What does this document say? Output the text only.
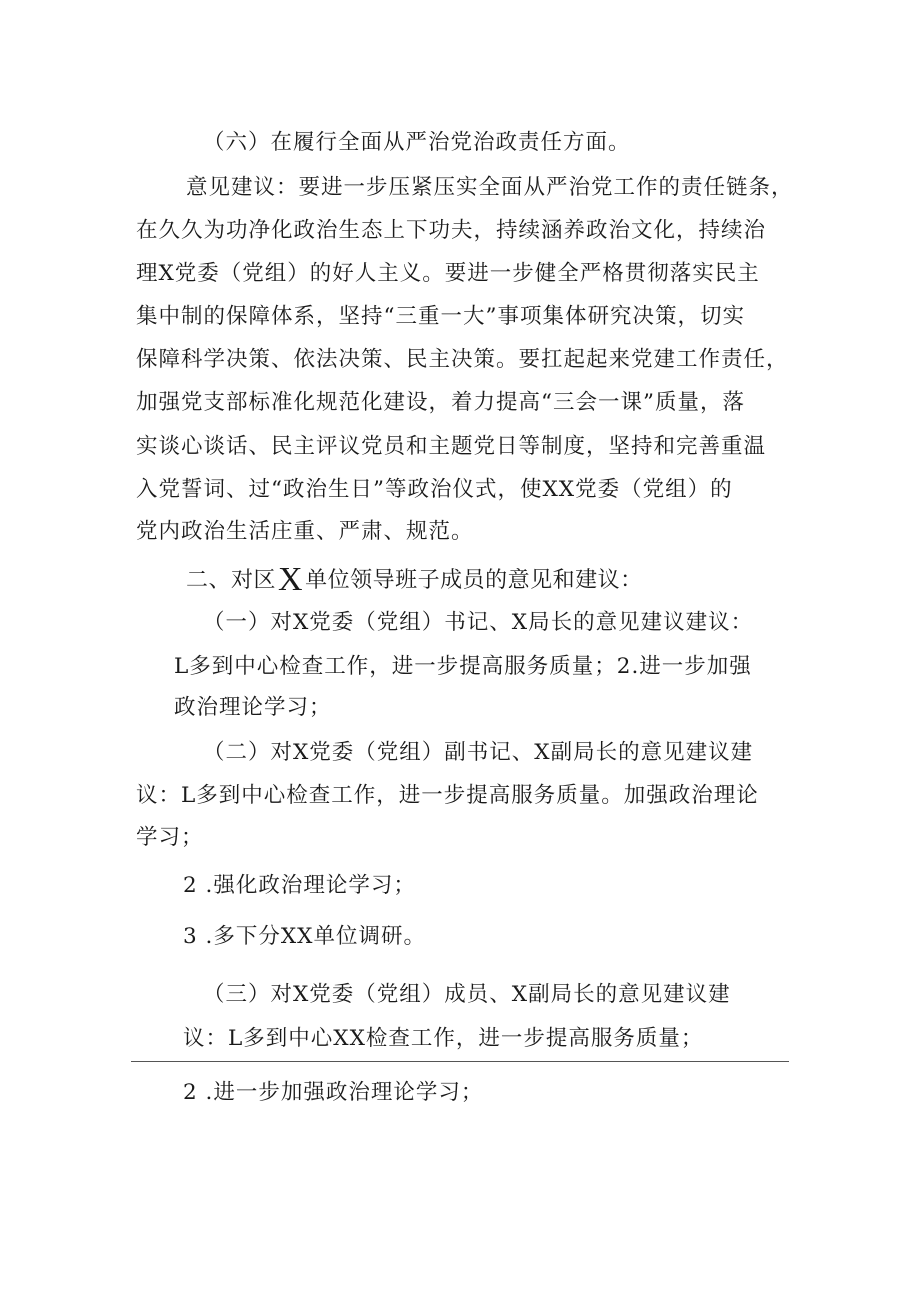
（六）在履行全面从严治党治政责任方面。
意见建议：要进一步压紧压实全面从严治党工作的责任链条，
在久久为功净化政治生态上下功夫，持续涵养政治文化，持续治
理X党委（党组）的好人主义。要进一步健全严格贯彻落实民主
集中制的保障体系，坚持“三重一大”事项集体研究决策，切实
保障科学决策、依法决策、民主决策。要扛起起来党建工作责任，
加强党支部标准化规范化建设，着力提高“三会一课”质量，落
实谈心谈话、民主评议党员和主题党日等制度，坚持和完善重温
入党誓词、过“政治生日”等政治仪式，使XX党委（党组）的
党内政治生活庄重、严肃、规范。
二、对区X单位领导班子成员的意见和建议：
（一）对X党委（党组）书记、X局长的意见建议建议：
L多到中心检查工作，进一步提高服务质量；2.进一步加强
政治理论学习；
（二）对X党委（党组）副书记、X副局长的意见建议建
议：L多到中心检查工作，进一步提高服务质量。加强政治理论
学习；
2 .强化政治理论学习；
3 .多下分XX单位调研。
（三）对X党委（党组）成员、X副局长的意见建议建
议：L多到中心XX检查工作，进一步提高服务质量；
2 .进一步加强政治理论学习；
